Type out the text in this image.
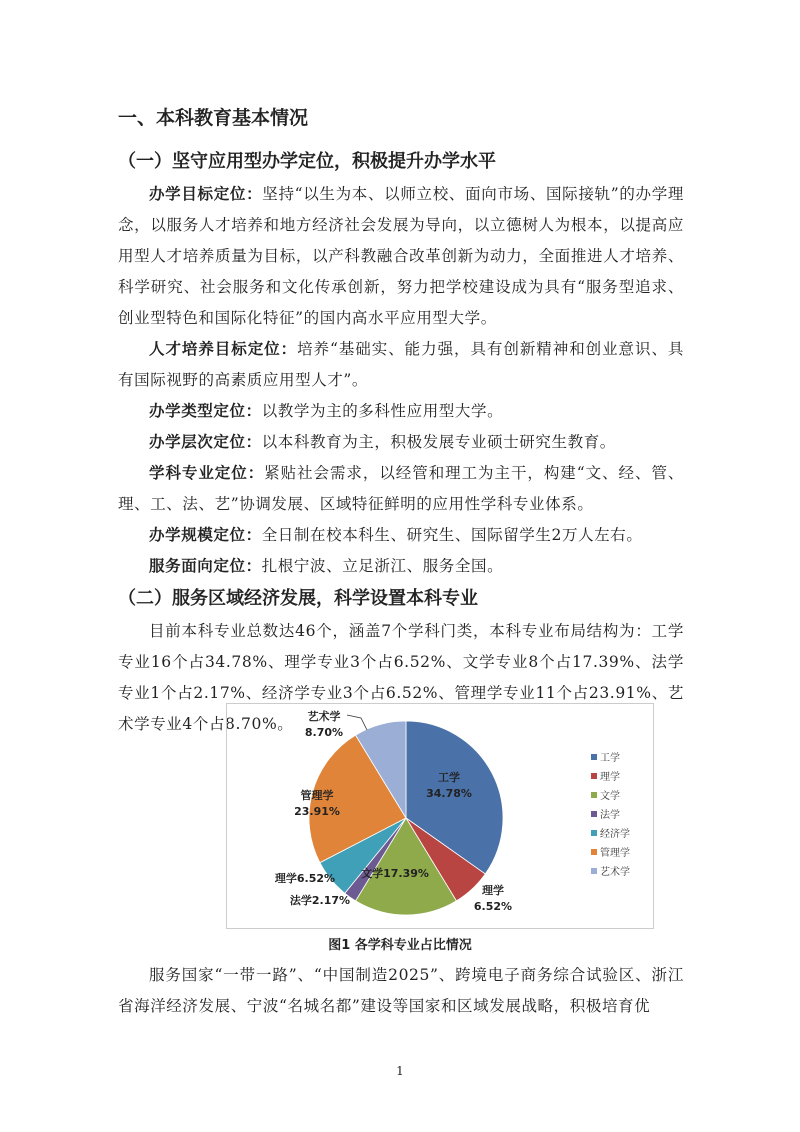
一、本科教育基本情况
（一）坚守应用型办学定位，积极提升办学水平

办学目标定位：坚持“以生为本、以师立校、面向市场、国际接轨”的办学理念，以服务人才培养和地方经济社会发展为导向，以立德树人为根本，以提高应用型人才培养质量为目标，以产科教融合改革创新为动力，全面推进人才培养、科学研究、社会服务和文化传承创新，努力把学校建设成为具有“服务型追求、创业型特色和国际化特征”的国内高水平应用型大学。

人才培养目标定位：培养“基础实、能力强，具有创新精神和创业意识、具有国际视野的高素质应用型人才”。

办学类型定位：以教学为主的多科性应用型大学。

办学层次定位：以本科教育为主，积极发展专业硕士研究生教育。

学科专业定位：紧贴社会需求，以经管和理工为主干，构建“文、经、管、理、工、法、艺”协调发展、区域特征鲜明的应用性学科专业体系。

办学规模定位：全日制在校本科生、研究生、国际留学生2万人左右。

服务面向定位：扎根宁波、立足浙江、服务全国。

（二）服务区域经济发展，科学设置本科专业

目前本科专业总数达46个，涵盖7个学科门类，本科专业布局结构为：工学专业16个占34.78%、理学专业3个占6.52%、文学专业8个占17.39%、法学专业1个占2.17%、经济学专业3个占6.52%、管理学专业11个占23.91%、艺术学专业4个占8.70%。

工学
34.78%
理学
6.52%
文学17.39%
法学2.17%
理学6.52%
管理学
23.91%
艺术学
8.70%
工学
理学
文学
法学
经济学
管理学
艺术学
图1 各学科专业占比情况

服务国家“一带一路”、“中国制造2025”、跨境电子商务综合试验区、浙江省海洋经济发展、宁波“名城名都”建设等国家和区域发展战略，积极培育优

1
